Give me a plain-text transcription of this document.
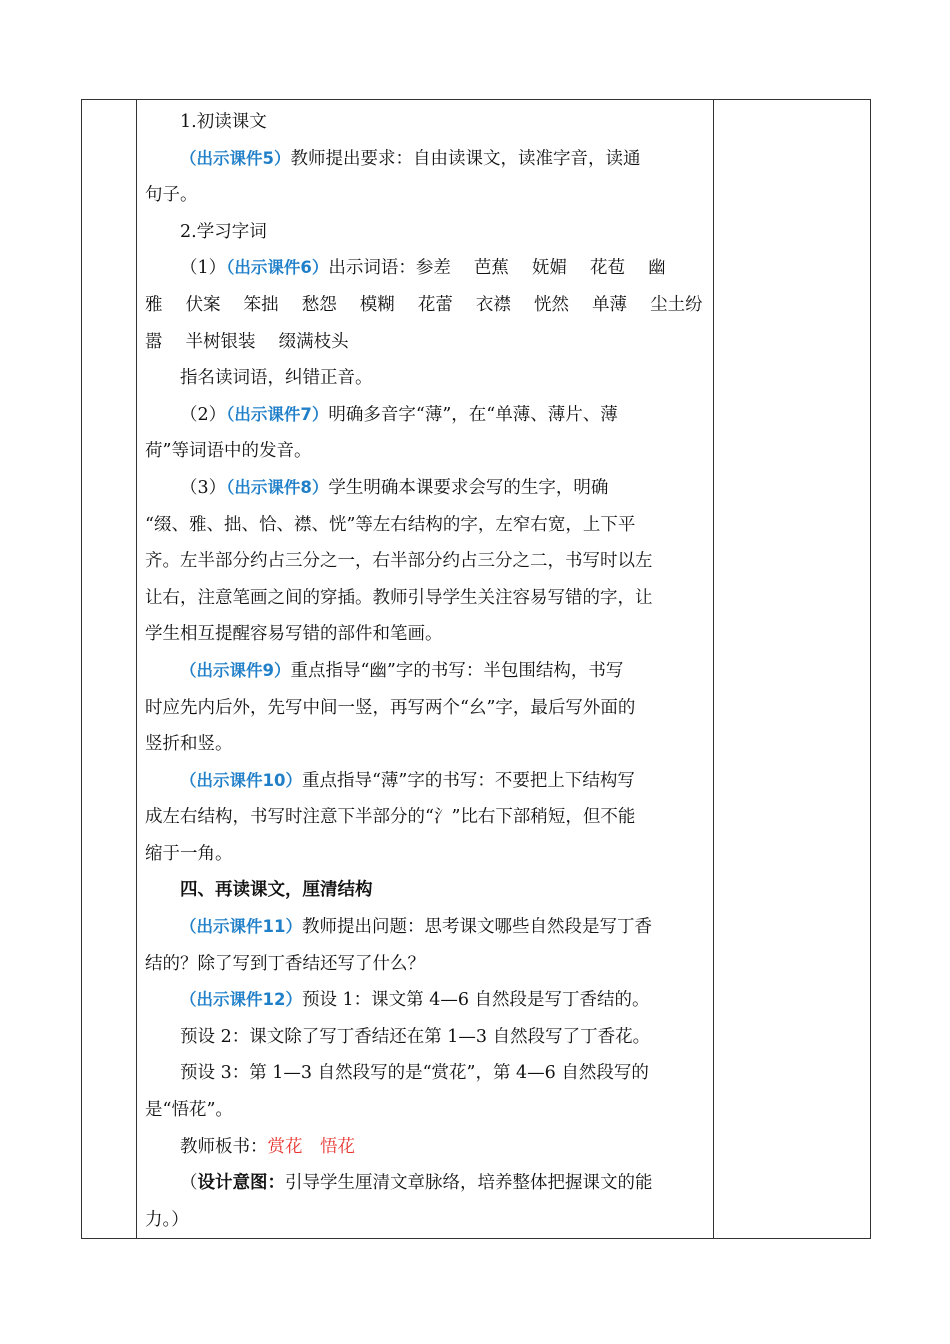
1.初读课文

（出示课件5）教师提出要求：自由读课文，读准字音，读通

句子。

2.学习字词

（1）（出示课件6）出示词语：参差　 芭蕉　 妩媚　 花苞　 幽

雅　 伏案　 笨拙　 愁怨　 模糊　 花蕾　 衣襟　 恍然　 单薄　 尘土纷

嚣　 半树银装　 缀满枝头

指名读词语，纠错正音。

（2）（出示课件7）明确多音字“薄”，在“单薄、薄片、薄

荷”等词语中的发音。

（3）（出示课件8）学生明确本课要求会写的生字，明确

“缀、雅、拙、恰、襟、恍”等左右结构的字，左窄右宽，上下平

齐。左半部分约占三分之一，右半部分约占三分之二，书写时以左

让右，注意笔画之间的穿插。教师引导学生关注容易写错的字，让

学生相互提醒容易写错的部件和笔画。

（出示课件9）重点指导“幽”字的书写：半包围结构，书写

时应先内后外，先写中间一竖，再写两个“幺”字，最后写外面的

竖折和竖。

（出示课件10）重点指导“薄”字的书写：不要把上下结构写

成左右结构，书写时注意下半部分的“氵”比右下部稍短，但不能

缩于一角。

四、再读课文，厘清结构

（出示课件11）教师提出问题：思考课文哪些自然段是写丁香

结的？除了写到丁香结还写了什么？

（出示课件12）预设 1：课文第 4—6 自然段是写丁香结的。

预设 2：课文除了写丁香结还在第 1—3 自然段写了丁香花。

预设 3：第 1—3 自然段写的是“赏花”，第 4—6 自然段写的

是“悟花”。

教师板书：赏花　悟花

（设计意图：引导学生厘清文章脉络，培养整体把握课文的能

力。）
